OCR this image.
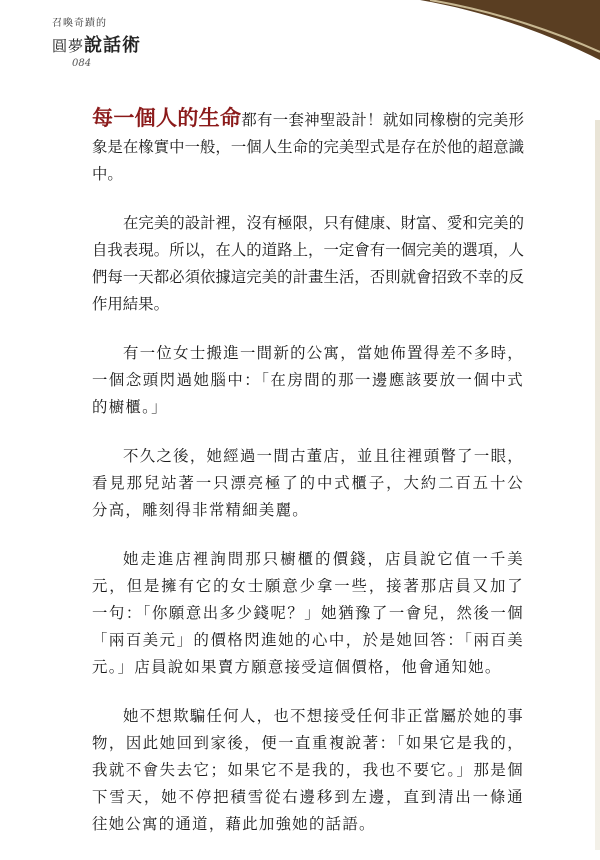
召喚奇蹟的
圓夢說話術
084

每一個人的生命都有一套神聖設計！就如同橡樹的完美形象是在橡實中一般，一個人生命的完美型式是存在於他的超意識中。

在完美的設計裡，沒有極限，只有健康、財富、愛和完美的自我表現。所以，在人的道路上，一定會有一個完美的選項，人們每一天都必須依據這完美的計畫生活，否則就會招致不幸的反作用結果。

有一位女士搬進一間新的公寓，當她佈置得差不多時，一個念頭閃過她腦中：「在房間的那一邊應該要放一個中式的櫥櫃。」

不久之後，她經過一間古董店，並且往裡頭瞥了一眼，看見那兒站著一只漂亮極了的中式櫃子，大約二百五十公分高，雕刻得非常精細美麗。

她走進店裡詢問那只櫥櫃的價錢，店員說它值一千美元，但是擁有它的女士願意少拿一些，接著那店員又加了一句：「你願意出多少錢呢？」她猶豫了一會兒，然後一個「兩百美元」的價格閃進她的心中，於是她回答：「兩百美元。」店員說如果賣方願意接受這個價格，他會通知她。

她不想欺騙任何人，也不想接受任何非正當屬於她的事物，因此她回到家後，便一直重複說著：「如果它是我的，我就不會失去它；如果它不是我的，我也不要它。」那是個下雪天，她不停把積雪從右邊移到左邊，直到清出一條通往她公寓的通道，藉此加強她的話語。
